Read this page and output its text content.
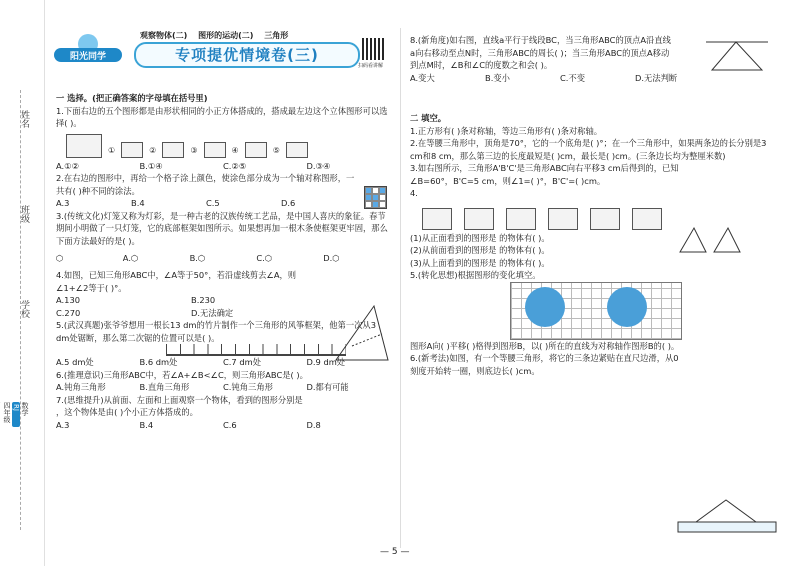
姓名
班级
学校
数学
RJ
四年级
阳光同学
观察物体(二) 图形的运动(二) 三角形
专项提优情境卷(三)
扫码看讲解

一 选择。(把正确答案的字母填在括号里)

1.下面右边的五个图形都是由形状相同的小正方体搭成的，搭成最左边这个立体图形可以选择( )。

①	②	③	④	⑤
A.①②	B.①④	C.②⑤	D.③④

2.在右边的图形中，再给一个格子涂上颜色，使涂色部分成为一个轴对称图形，一共有( )种不同的涂法。

A.3	B.4	C.5	D.6

3.(传统文化)灯笼又称为灯彩，是一种古老的汉族传统工艺品，是中国人喜庆的象征。春节期间小明做了一只灯笼，它的底部框架如图所示。如果想再加一根木条使框架更牢固，那么下面方法最好的是( )。

⬡	A.⬡	B.⬡	C.⬡	D.⬡

4.如图，已知三角形ABC中，∠A等于50°，若沿虚线剪去∠A，则∠1+∠2等于( )°。

A.130	B.230
C.270	D.无法确定

5.(武汉真题)张爷爷想用一根长13 dm的竹片制作一个三角形的风筝框架，他第一次从3 dm处锯断，那么第二次锯的位置可以是( )。

A.5 dm处	B.6 dm处	C.7 dm处	D.9 dm处

6.(推理意识)三角形ABC中，若∠A+∠B<∠C，则三角形ABC是( )。

A.钝角三角形	B.直角三角形	C.钝角三角形	D.都有可能

7.(思维提升)从前面、左面和上面观察一个物体，看到的图形分别是

，这个物体是由( )个小正方体搭成的。

A.3	B.4	C.6	D.8

8.(新角度)如右图，直线a平行于线段BC，当三角形ABC的顶点A沿直线a向右移动至点N时，三角形ABC的周长( )；当三角形ABC的顶点A移动到点M时，∠B和∠C的度数之和会( )。

A.变大	B.变小	C.不变	D.无法判断

二 填空。

1.正方形有( )条对称轴，等边三角形有( )条对称轴。

2.在等腰三角形中，顶角是70°，它的一个底角是( )°；在一个三角形中，如果两条边的长分别是3 cm和8 cm，那么第三边的长度最短是( )cm，最长是( )cm。(三条边长均为整厘米数)

3.如右图所示，三角形A'B'C'是三角形ABC向右平移3 cm后得到的，已知∠B=60°，B'C=5 cm，则∠1=( )°，B'C'=( )cm。

4.

(1)从正面看到的图形是 的物体有( )。

(2)从前面看到的图形是 的物体有( )。

(3)从上面看到的图形是 的物体有( )。

5.(转化思想)根据图形的变化填空。

图形A向( )平移( )格得到图形B，以( )所在的直线为对称轴作图形B的( )。

6.(新考法)如图，有一个等腰三角形，将它的三条边紧贴在直尺边滑，从0刻度开始转一圈，则底边长( )cm。

— 5 —
